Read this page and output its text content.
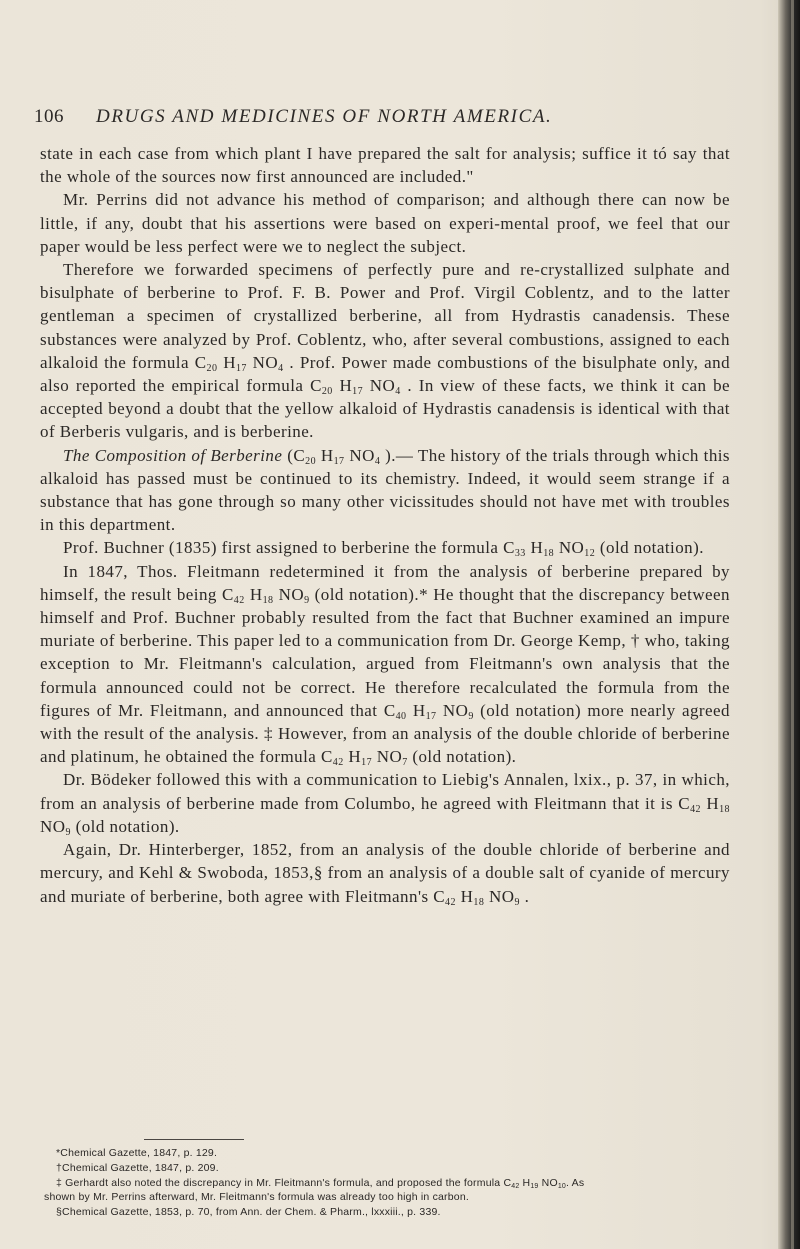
106 DRUGS AND MEDICINES OF NORTH AMERICA.

state in each case from which plant I have prepared the salt for analysis; suffice it tó say that the whole of the sources now first announced are included."

Mr. Perrins did not advance his method of comparison; and although there can now be little, if any, doubt that his assertions were based on experi-mental proof, we feel that our paper would be less perfect were we to neglect the subject.

Therefore we forwarded specimens of perfectly pure and re-crystallized sulphate and bisulphate of berberine to Prof. F. B. Power and Prof. Virgil Coblentz, and to the latter gentleman a specimen of crystallized berberine, all from Hydrastis canadensis. These substances were analyzed by Prof. Coblentz, who, after several combustions, assigned to each alkaloid the formula $C_{20}$ $H_{17}$ $NO_4$ . Prof. Power made combustions of the bisulphate only, and also reported the empirical formula $C_{20}$ $H_{17}$ $NO_4$ . In view of these facts, we think it can be accepted beyond a doubt that the yellow alkaloid of Hydrastis canadensis is identical with that of Berberis vulgaris, and is berberine.

The Composition of Berberine ($C_{20}$ $H_{17}$ $NO_4$ ).— The history of the trials through which this alkaloid has passed must be continued to its chemistry. Indeed, it would seem strange if a substance that has gone through so many other vicissitudes should not have met with troubles in this department.

Prof. Buchner (1835) first assigned to berberine the formula $C_{33}$ $H_{18}$ $NO_{12}$ (old notation).

In 1847, Thos. Fleitmann redetermined it from the analysis of berberine prepared by himself, the result being $C_{42}$ $H_{18}$ $NO_9$ (old notation).* He thought that the discrepancy between himself and Prof. Buchner probably resulted from the fact that Buchner examined an impure muriate of berberine. This paper led to a communication from Dr. George Kemp, † who, taking exception to Mr. Fleitmann's calculation, argued from Fleitmann's own analysis that the formula announced could not be correct. He therefore recalculated the formula from the figures of Mr. Fleitmann, and announced that $C_{40}$ $H_{17}$ $NO_9$ (old notation) more nearly agreed with the result of the analysis. ‡ However, from an analysis of the double chloride of berberine and platinum, he obtained the formula $C_{42}$ $H_{17}$ $NO_7$ (old notation).

Dr. Bödeker followed this with a communication to Liebig's Annalen, lxix., p. 37, in which, from an analysis of berberine made from Columbo, he agreed with Fleitmann that it is $C_{42}$ $H_{18}$ $NO_9$ (old notation).

Again, Dr. Hinterberger, 1852, from an analysis of the double chloride of berberine and mercury, and Kehl & Swoboda, 1853,§ from an analysis of a double salt of cyanide of mercury and muriate of berberine, both agree with Fleitmann's $C_{42}$ $H_{18}$ $NO_9$ .

*Chemical Gazette, 1847, p. 129.

†Chemical Gazette, 1847, p. 209.

‡ Gerhardt also noted the discrepancy in Mr. Fleitmann's formula, and proposed the formula $C_{42}$ $H_{19}$ $NO_{10}$. As

shown by Mr. Perrins afterward, Mr. Fleitmann's formula was already too high in carbon.

§Chemical Gazette, 1853, p. 70, from Ann. der Chem. & Pharm., lxxxiii., p. 339.
